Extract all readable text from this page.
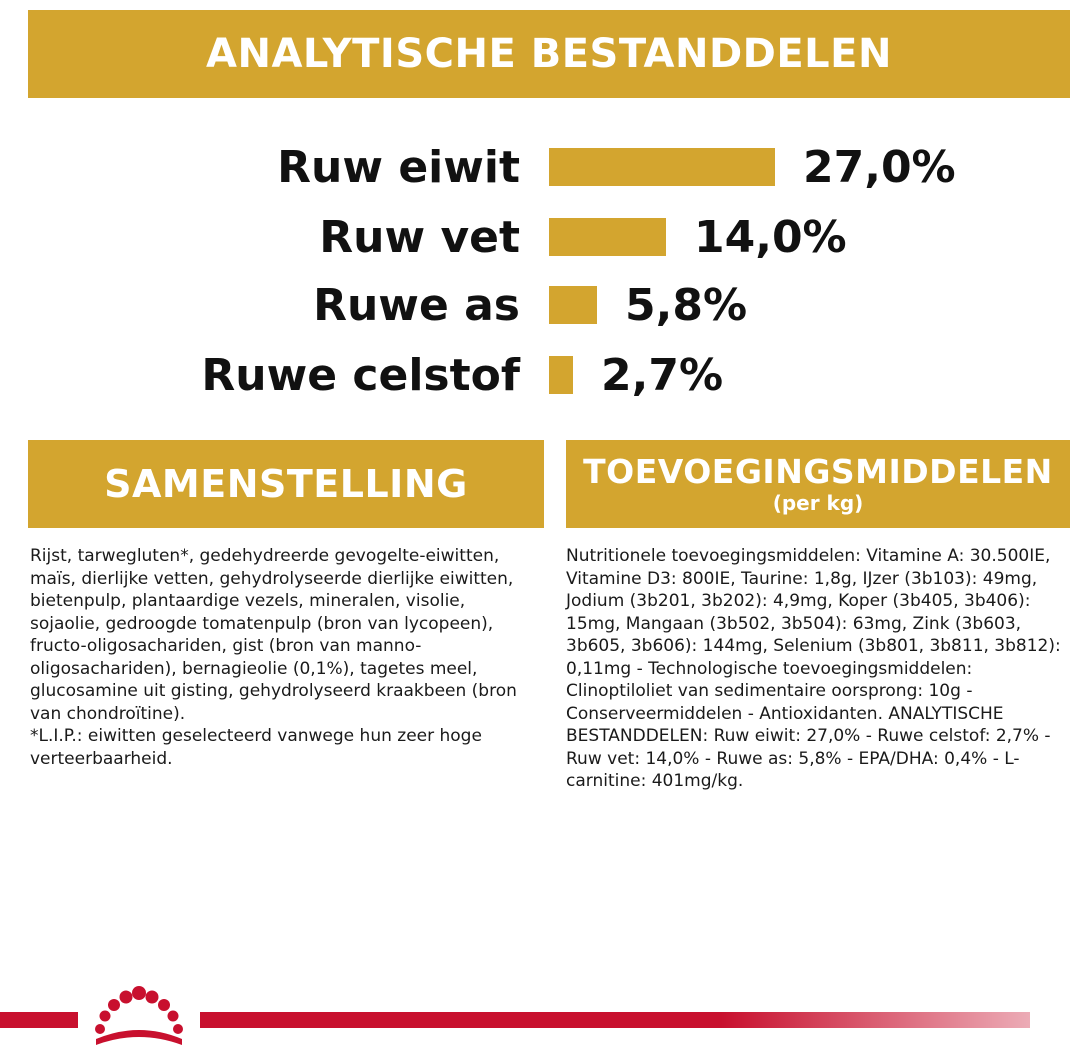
ANALYTISCHE BESTANDDELEN
Ruw eiwit	27,0%
Ruw vet	14,0%
Ruwe as 5,8%
Ruwe celstof 2,7%
SAMENSTELLING	TOEVOEGINGSMIDDELEN
(per kg)

Rijst, tarwegluten*, gedehydreerde gevogelte-eiwitten, maïs, dierlijke vetten, gehydrolyseerde dierlijke eiwitten, bietenpulp, plantaardige vezels, mineralen, visolie, sojaolie, gedroogde tomatenpulp (bron van lycopeen), fructo-oligosachariden, gist (bron van manno-oligosachariden), bernagieolie (0,1%), tagetes meel, glucosamine uit gisting, gehydrolyseerd kraakbeen (bron van chondroïtine).

*L.I.P.: eiwitten geselecteerd vanwege hun zeer hoge verteerbaarheid.

Nutritionele toevoegingsmiddelen: Vitamine A: 30.500IE, Vitamine D3: 800IE, Taurine: 1,8g, IJzer (3b103): 49mg, Jodium (3b201, 3b202): 4,9mg, Koper (3b405, 3b406): 15mg, Mangaan (3b502, 3b504): 63mg, Zink (3b603, 3b605, 3b606): 144mg, Selenium (3b801, 3b811, 3b812): 0,11mg - Technologische toevoegingsmiddelen: Clinoptiloliet van sedimentaire oorsprong: 10g - Conserveermiddelen - Antioxidanten. ANALYTISCHE BESTANDDELEN: Ruw eiwit: 27,0% - Ruwe celstof: 2,7% - Ruw vet: 14,0% - Ruwe as: 5,8% - EPA/DHA: 0,4% - L-carnitine: 401mg/kg.
